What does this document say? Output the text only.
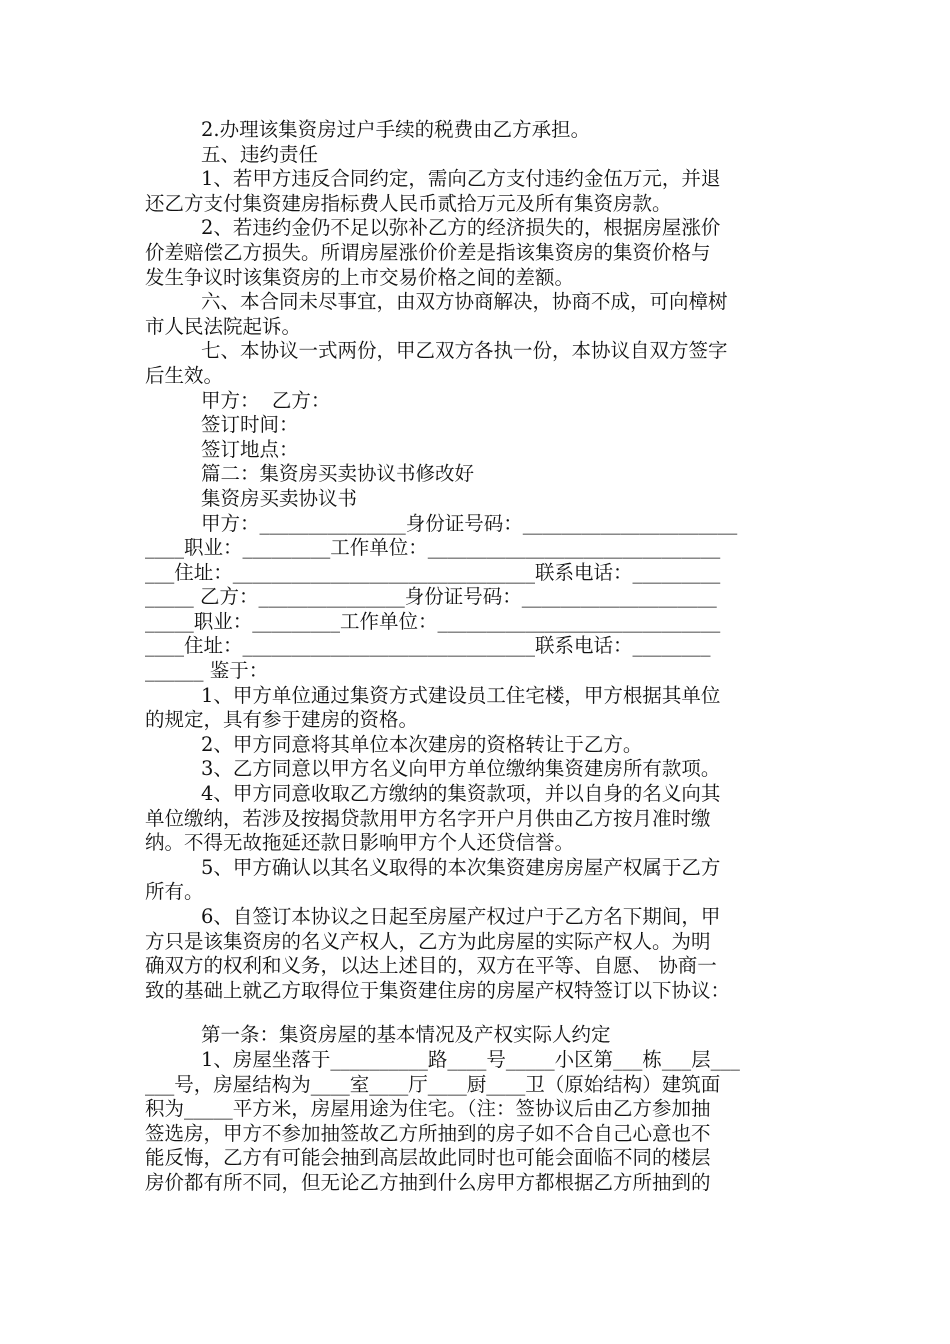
2.办理该集资房过户手续的税费由乙方承担。
五、违约责任
1、若甲方违反合同约定，需向乙方支付违约金伍万元，并退
还乙方支付集资建房指标费人民币贰拾万元及所有集资房款。
2、若违约金仍不足以弥补乙方的经济损失的，根据房屋涨价
价差赔偿乙方损失。所谓房屋涨价价差是指该集资房的集资价格与
发生争议时该集资房的上市交易价格之间的差额。
六、本合同未尽事宜，由双方协商解决，协商不成，可向樟树
市人民法院起诉。
七、本协议一式两份，甲乙双方各执一份，本协议自双方签字
后生效。
甲方：  乙方：
签订时间：
签订地点：
篇二：集资房买卖协议书修改好
集资房买卖协议书
甲方：_______________身份证号码：______________________
____职业：_________工作单位：______________________________
___住址：_______________________________联系电话：_________
_____ 乙方：_______________身份证号码：____________________
_____职业：_________工作单位：_____________________________
____住址：______________________________联系电话：________
______ 鉴于：
1、甲方单位通过集资方式建设员工住宅楼，甲方根据其单位
的规定，具有参于建房的资格。
2、甲方同意将其单位本次建房的资格转让于乙方。
3、乙方同意以甲方名义向甲方单位缴纳集资建房所有款项。
4、甲方同意收取乙方缴纳的集资款项，并以自身的名义向其
单位缴纳，若涉及按揭贷款用甲方名字开户月供由乙方按月准时缴
纳。不得无故拖延还款日影响甲方个人还贷信誉。
5、甲方确认以其名义取得的本次集资建房房屋产权属于乙方
所有。
6、自签订本协议之日起至房屋产权过户于乙方名下期间，甲
方只是该集资房的名义产权人，乙方为此房屋的实际产权人。为明
确双方的权利和义务，以达上述目的，双方在平等、自愿、 协商一
致的基础上就乙方取得位于集资建住房的房屋产权特签订以下协议：
第一条：集资房屋的基本情况及产权实际人约定
1、房屋坐落于__________路____号_____小区第___栋___层___
___号，房屋结构为____室____厅____厨____卫（原始结构）建筑面
积为_____平方米，房屋用途为住宅。（注：签协议后由乙方参加抽
签选房，甲方不参加抽签故乙方所抽到的房子如不合自己心意也不
能反悔，乙方有可能会抽到高层故此同时也可能会面临不同的楼层
房价都有所不同，但无论乙方抽到什么房甲方都根据乙方所抽到的
